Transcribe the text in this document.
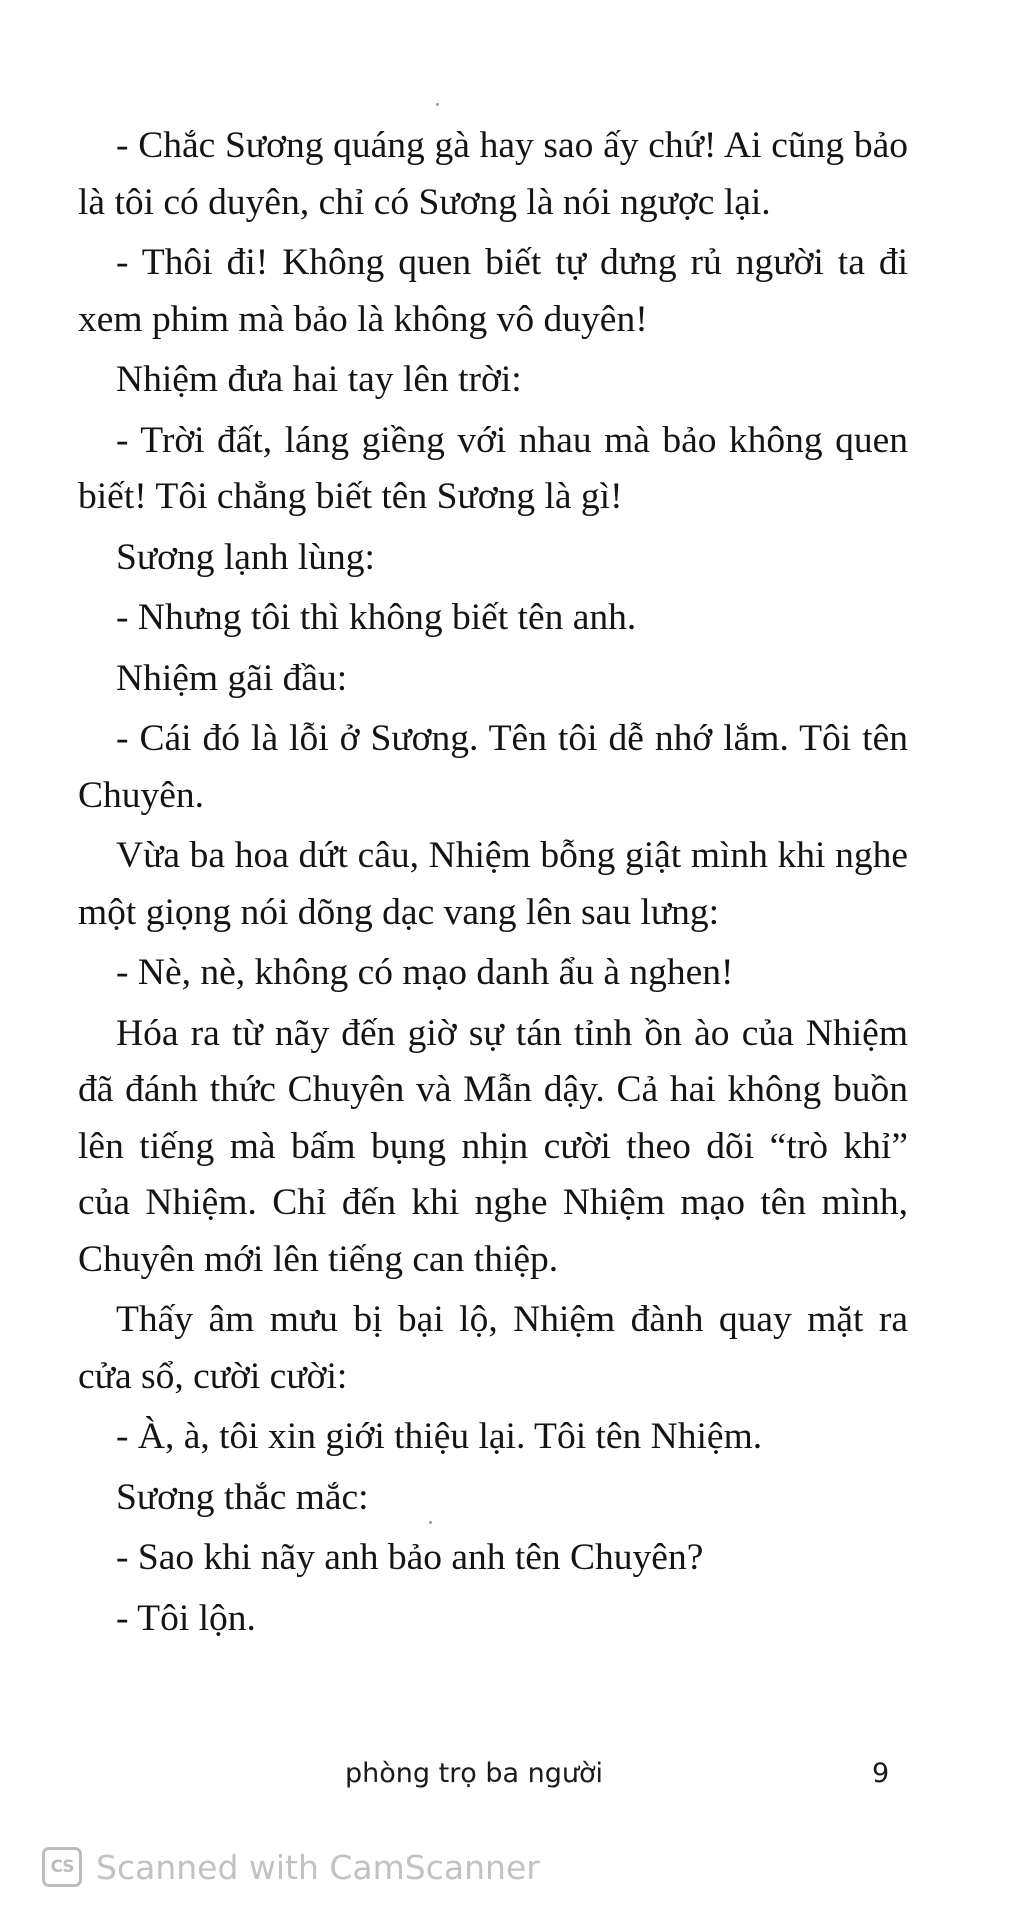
- Chắc Sương quáng gà hay sao ấy chứ! Ai cũng bảo là tôi có duyên, chỉ có Sương là nói ngược lại.

- Thôi đi! Không quen biết tự dưng rủ người ta đi xem phim mà bảo là không vô duyên!

Nhiệm đưa hai tay lên trời:

- Trời đất, láng giềng với nhau mà bảo không quen biết! Tôi chẳng biết tên Sương là gì!

Sương lạnh lùng:

- Nhưng tôi thì không biết tên anh.

Nhiệm gãi đầu:

- Cái đó là lỗi ở Sương. Tên tôi dễ nhớ lắm. Tôi tên Chuyên.

Vừa ba hoa dứt câu, Nhiệm bỗng giật mình khi nghe một giọng nói dõng dạc vang lên sau lưng:

- Nè, nè, không có mạo danh ẩu à nghen!

Hóa ra từ nãy đến giờ sự tán tỉnh ồn ào của Nhiệm đã đánh thức Chuyên và Mẫn dậy. Cả hai không buồn lên tiếng mà bấm bụng nhịn cười theo dõi “trò khỉ” của Nhiệm. Chỉ đến khi nghe Nhiệm mạo tên mình, Chuyên mới lên tiếng can thiệp.

Thấy âm mưu bị bại lộ, Nhiệm đành quay mặt ra cửa sổ, cười cười:

- À, à, tôi xin giới thiệu lại. Tôi tên Nhiệm.

Sương thắc mắc:

- Sao khi nãy anh bảo anh tên Chuyên?

- Tôi lộn.

phòng trọ ba người	9
CS Scanned with CamScanner
